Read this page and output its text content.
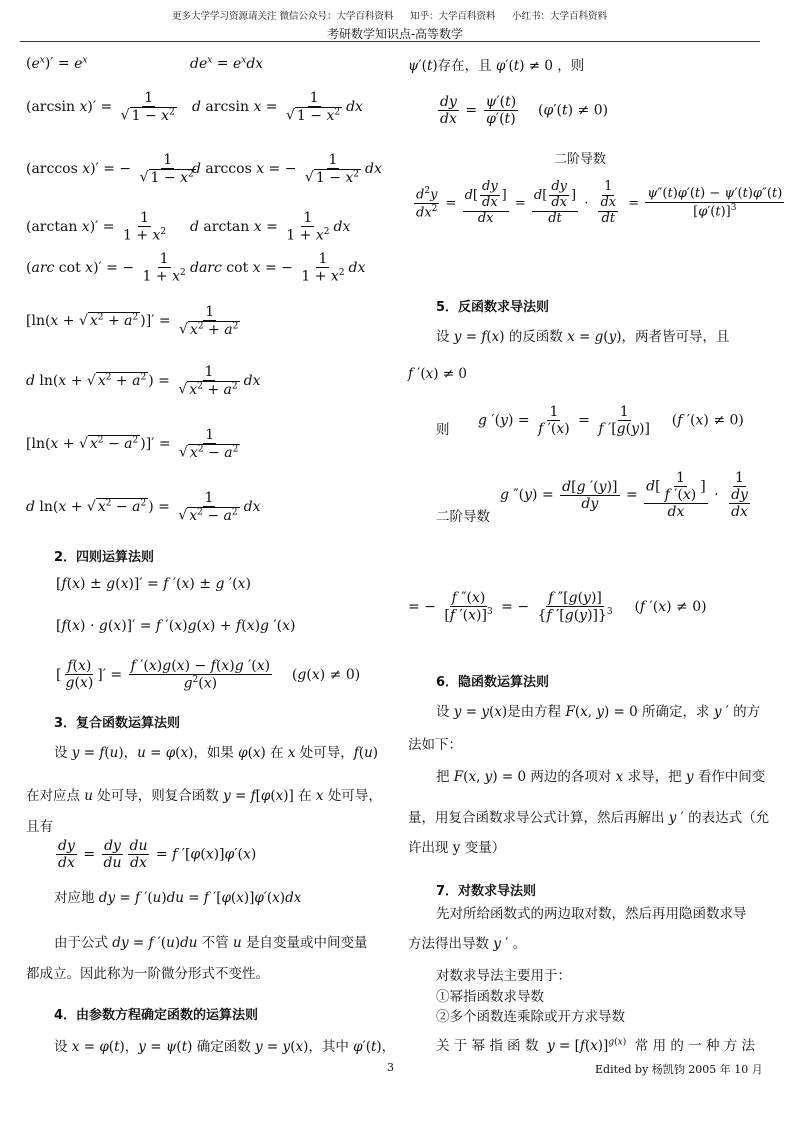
更多大学学习资源请关注 微信公众号：大学百科资料 知乎：大学百科资料 小红书：大学百科资料
考研数学知识点-高等数学
$(e^x)' = e^x$	$de^x = e^xdx$
(arcsin $x)' = \frac{1}{√ 1 - x^2}$ d $\arcsin x = \frac{1}{√ 1 - x^2}$ dx
(arccos x)′ = − $\frac{1}{√ 1 - x^2}$
d arccos x = − $\frac{1}{√ 1 - x^2}$ dx
(arctan $x)' = \frac{1}{1 + x^2}$ d $\arctan x = \frac{1}{1 + x^2}$ dx
(arc cot x)′ = − $\frac{1}{1 + x^2}$ darc cot x = − $\frac{1}{1 + x^2}$ dx
[ln(x + √ $x^2 + a^2$ )]′ = $\frac{1}{√ x^2 + a^2}$
d ln(x + √ $x^2 + a^2$ ) = $\frac{1}{√ x^2 + a^2}$ dx
[ln(x + √ $x^2 - a^2$ )]′ = $\frac{1}{√ x^2 - a^2}$
d ln(x + √ $x^2 - a^2$ ) = $\frac{1}{√ x^2 - a^2}$ dx
2．四则运算法则
[f(x) ± g(x)]′ = f ′(x) ± g ′(x)
[f(x) · g(x)]′ = f ′(x)g(x) + f(x)g ′(x)
[ $\frac{f(x)}{g(x)}$ ]′ = $\frac{f '(x)g(x) - f(x)g '(x)}{g^2(x)} (g(x) \ne 0)$
3．复合函数运算法则
设 y = f(u)，u = φ(x)，如果 φ(x) 在 x 处可导，f(u)
在对应点 u 处可导，则复合函数 y = f[φ(x)] 在 x 处可导，
且有
$\frac{dy}{dx} = \frac{dy}{du} \frac{du}{dx} = f$ ′[φ(x)]φ′(x)
对应地 dy = f ′(u)du = f ′[φ(x)]φ′(x)dx
由于公式 dy = f ′(u)du 不管 u 是自变量或中间变量
都成立。因此称为一阶微分形式不变性。
4．由参数方程确定函数的运算法则
设 x = φ(t)，y = ψ(t) 确定函数 y = y(x)，其中 φ′(t)，
ψ′(t)存在，且 φ′(t) ≠ 0 ，则
$\frac{dy}{dx} = \frac{\psi'(t)}{\varphi'(t)} (\varphi'(t) \ne 0)$
二阶导数
$\frac{d^2y}{dx^2}$ =
$d[ \frac{dy}{dx}$ ]
dx
=
$d[ \frac{dy}{dx}$ ]
dt
·
1
$\frac{dx}{dt} = \frac{\psi''(t)\varphi'(t) - \psi'(t)\varphi''(t)}{[\varphi'(t)]^3}$
5．反函数求导法则
设 y = f(x) 的反函数 x = g(y)，两者皆可导，且
f ′(x) ≠ 0
则
g $'(y) = \frac{1}{f '(x)} = \frac{1}{f '[g(y)]} (f$ ′(x) ≠ 0)
二阶导数
g $''(y) = \frac{d[g '(y)]}{dy} = \frac{d[ \frac{1}{f '(x)} ]}{dx}$ ·
1
$\frac{dy}{dx}$
= − $\frac{f ''(x)}{[f '(x)]^3}$ = − $\frac{f ''[g(y)]}{\{f '[g(y)]\}^3} (f$ ′(x) ≠ 0)
6．隐函数运算法则
设 y = y(x)是由方程 F(x, y) = 0 所确定，求 y ′ 的方
法如下：
把 F(x, y) = 0 两边的各项对 x 求导，把 y 看作中间变
量，用复合函数求导公式计算，然后再解出 y ′ 的表达式（允
许出现 y 变量）
7．对数求导法则
先对所给函数式的两边取对数，然后再用隐函数求导
方法得出导数 y ′ 。
对数求导法主要用于：
①幂指函数求导数
②多个函数连乘除或开方求导数
关 于 幂 指 函 数 $y = [f(x)]^{g(x)}$ 常 用 的 一 种 方 法
3	Edited by 杨凯钧 2005 年 10 月
